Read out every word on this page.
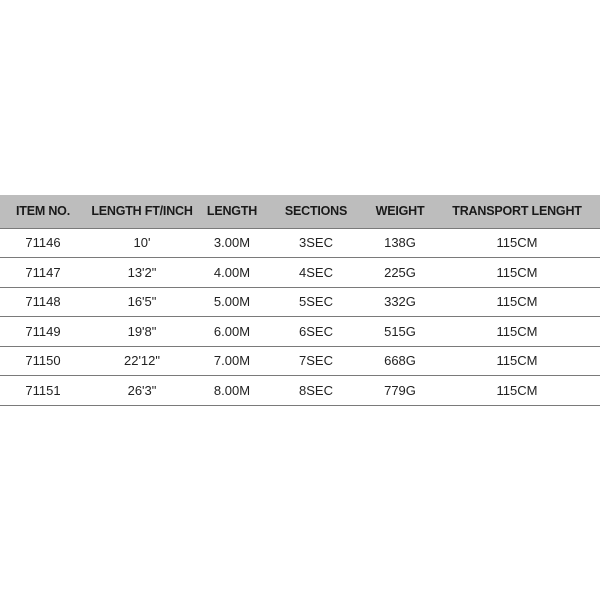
ITEM NO.	LENGTH FT/INCH	LENGTH	SECTIONS	WEIGHT	TRANSPORT LENGHT
71146	10'	3.00M	3SEC	138G	115CM
71147	13'2"	4.00M	4SEC	225G	115CM
71148	16'5"	5.00M	5SEC	332G	115CM
71149	19'8"	6.00M	6SEC	515G	115CM
71150	22'12"	7.00M	7SEC	668G	115CM
71151	26'3"	8.00M	8SEC	779G	115CM
